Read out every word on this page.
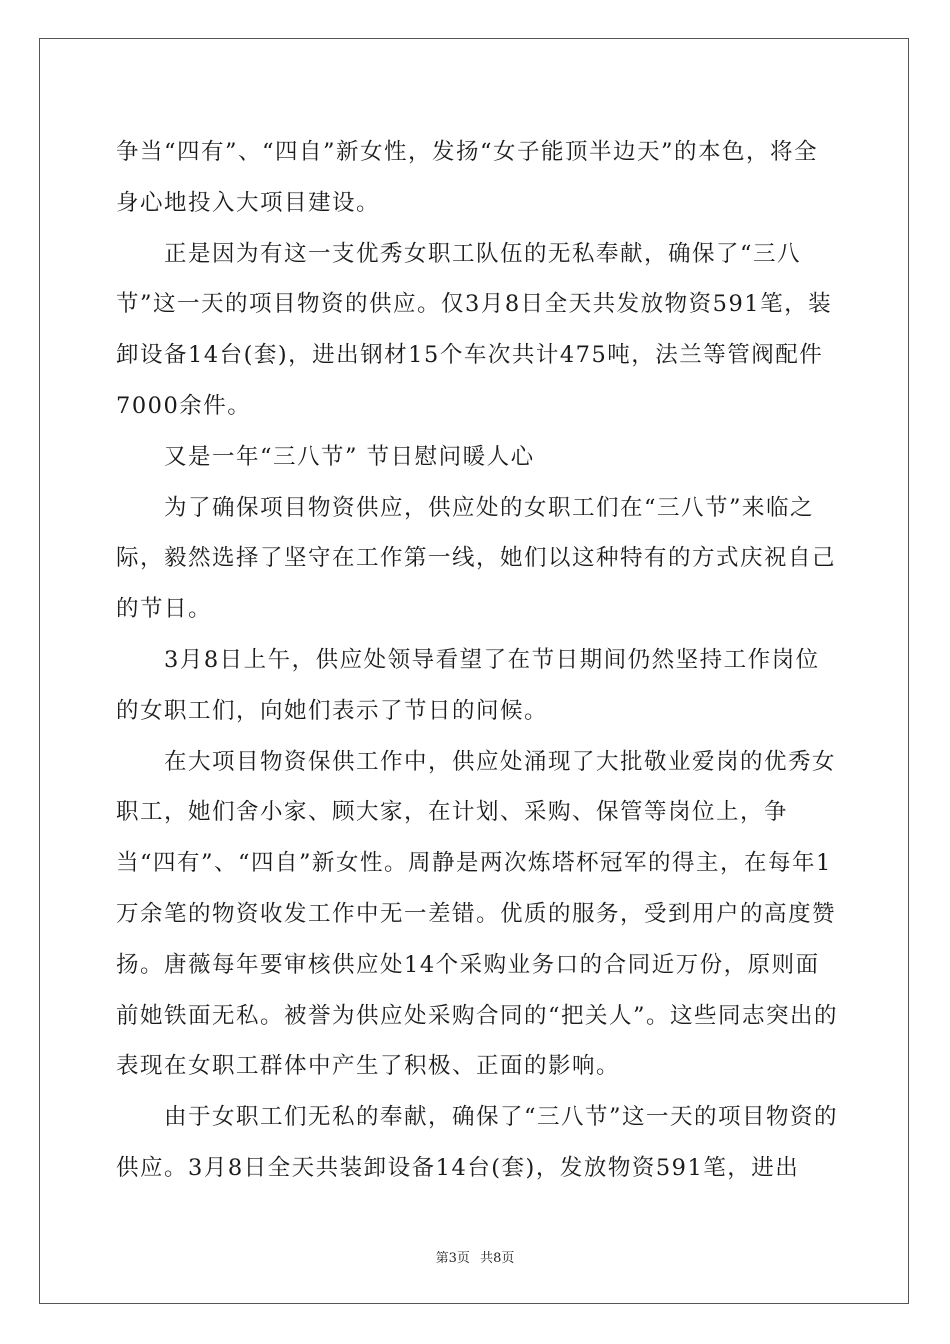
争当“四有”、“四自”新女性，发扬“女子能顶半边天”的本色，将全身心地投入大项目建设。

正是因为有这一支优秀女职工队伍的无私奉献，确保了“三八节”这一天的项目物资的供应。仅3月8日全天共发放物资591笔，装卸设备14台(套)，进出钢材15个车次共计475吨，法兰等管阀配件7000余件。

又是一年“三八节” 节日慰问暖人心

为了确保项目物资供应，供应处的女职工们在“三八节”来临之际，毅然选择了坚守在工作第一线，她们以这种特有的方式庆祝自己的节日。

3月8日上午，供应处领导看望了在节日期间仍然坚持工作岗位的女职工们，向她们表示了节日的问候。

在大项目物资保供工作中，供应处涌现了大批敬业爱岗的优秀女职工，她们舍小家、顾大家，在计划、采购、保管等岗位上，争当“四有”、“四自”新女性。周静是两次炼塔杯冠军的得主，在每年1万余笔的物资收发工作中无一差错。优质的服务，受到用户的高度赞扬。唐薇每年要审核供应处14个采购业务口的合同近万份，原则面前她铁面无私。被誉为供应处采购合同的“把关人”。这些同志突出的表现在女职工群体中产生了积极、正面的影响。

由于女职工们无私的奉献，确保了“三八节”这一天的项目物资的供应。3月8日全天共装卸设备14台(套)，发放物资591笔，进出

第3页 共8页
